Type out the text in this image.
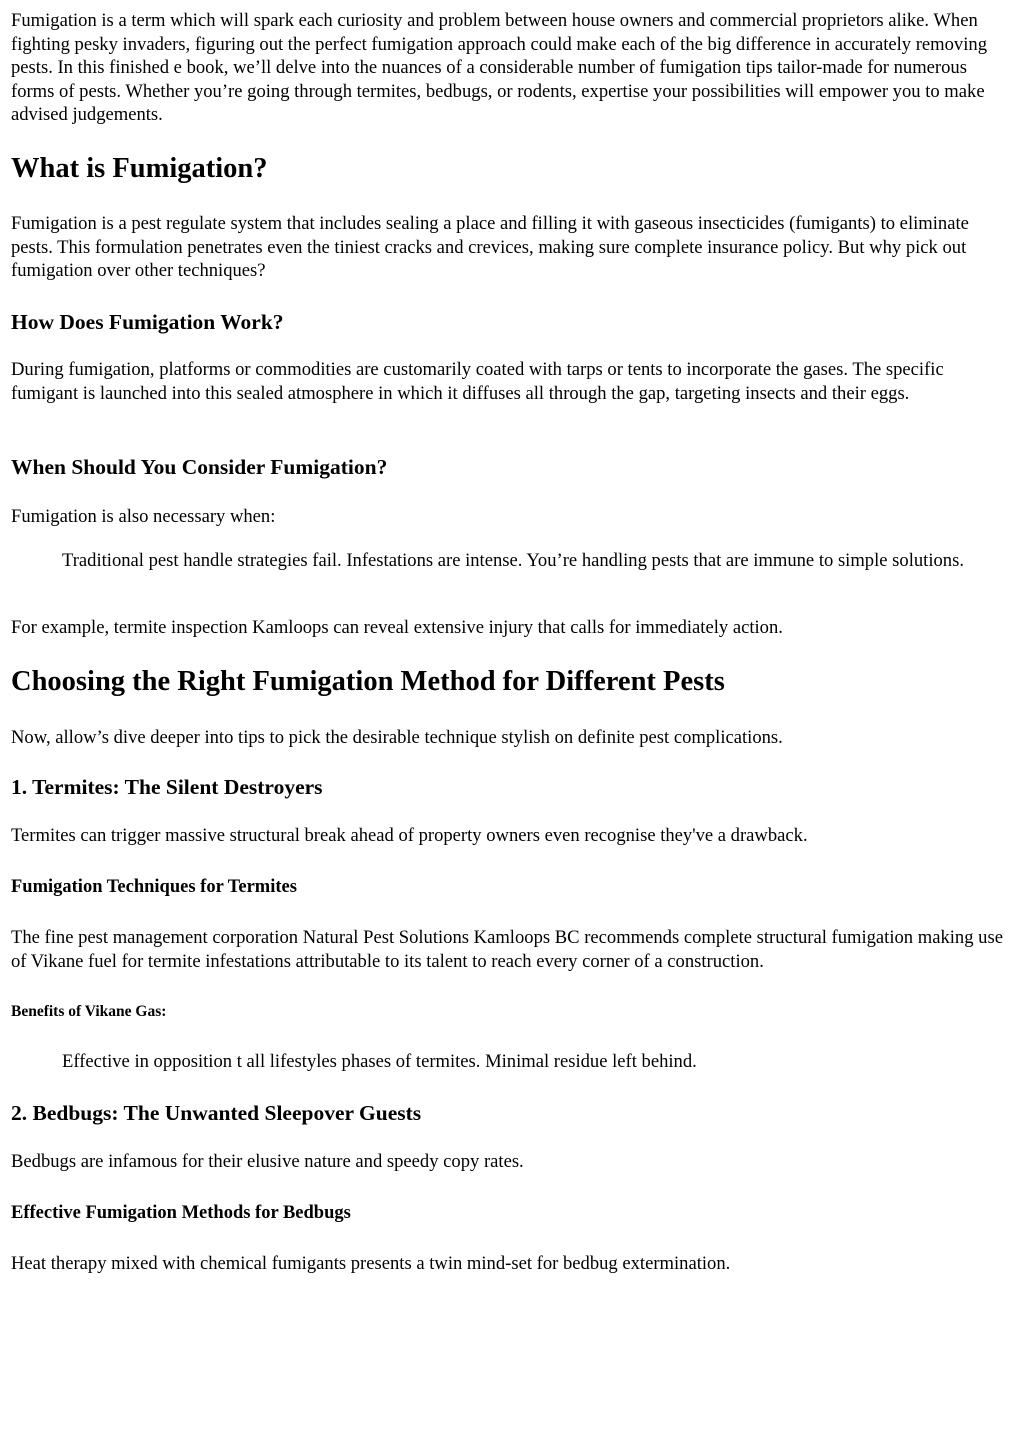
Fumigation is a term which will spark each curiosity and problem between house owners and commercial proprietors alike. When fighting pesky invaders, figuring out the perfect fumigation approach could make each of the big difference in accurately removing pests. In this finished e book, we’ll delve into the nuances of a considerable number of fumigation tips tailor-made for numerous forms of pests. Whether you’re going through termites, bedbugs, or rodents, expertise your possibilities will empower you to make advised judgements.

What is Fumigation?

Fumigation is a pest regulate system that includes sealing a place and filling it with gaseous insecticides (fumigants) to eliminate pests. This formulation penetrates even the tiniest cracks and crevices, making sure complete insurance policy. But why pick out fumigation over other techniques?

How Does Fumigation Work?

During fumigation, platforms or commodities are customarily coated with tarps or tents to incorporate the gases. The specific fumigant is launched into this sealed atmosphere in which it diffuses all through the gap, targeting insects and their eggs.

When Should You Consider Fumigation?

Fumigation is also necessary when:

Traditional pest handle strategies fail. Infestations are intense. You’re handling pests that are immune to simple solutions.

For example, termite inspection Kamloops can reveal extensive injury that calls for immediately action.

Choosing the Right Fumigation Method for Different Pests

Now, allow’s dive deeper into tips to pick the desirable technique stylish on definite pest complications.

1. Termites: The Silent Destroyers

Termites can trigger massive structural break ahead of property owners even recognise they've a drawback.

Fumigation Techniques for Termites

The fine pest management corporation Natural Pest Solutions Kamloops BC recommends complete structural fumigation making use of Vikane fuel for termite infestations attributable to its talent to reach every corner of a construction.

Benefits of Vikane Gas:
Effective in opposition t all lifestyles phases of termites. Minimal residue left behind.
2. Bedbugs: The Unwanted Sleepover Guests

Bedbugs are infamous for their elusive nature and speedy copy rates.

Effective Fumigation Methods for Bedbugs

Heat therapy mixed with chemical fumigants presents a twin mind-set for bedbug extermination.
